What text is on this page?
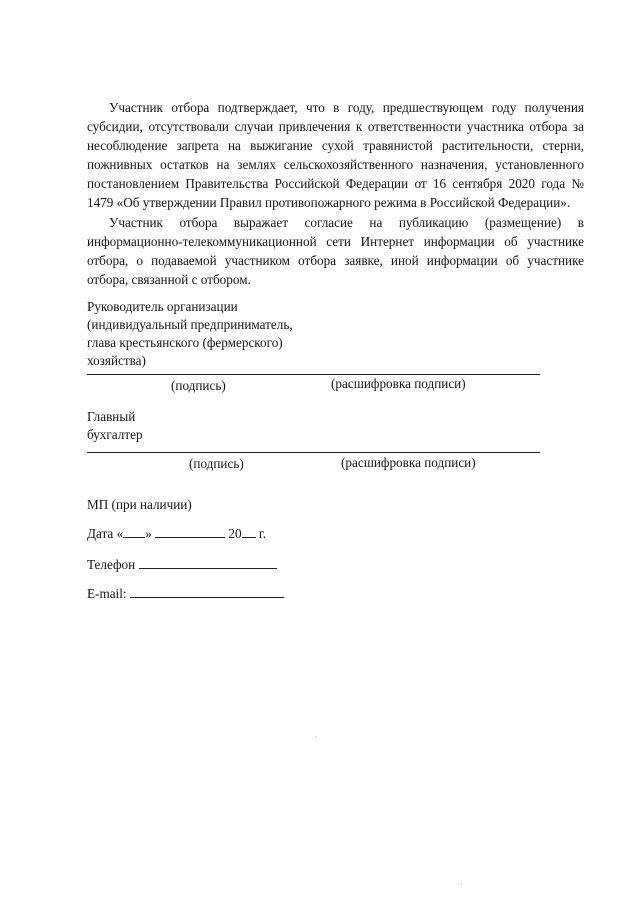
Участник отбора подтверждает, что в году, предшествующем году получения субсидии, отсутствовали случаи привлечения к ответственности участника отбора за несоблюдение запрета на выжигание сухой травянистой растительности, стерни, пожнивных остатков на землях сельскохозяйственного назначения, установленного постановлением Правительства Российской Федерации от 16 сентября 2020 года № 1479 «Об утверждении Правил противопожарного режима в Российской Федерации».

Участник отбора выражает согласие на публикацию (размещение) в информационно-телекоммуникационной сети Интернет информации об участнике отбора, о подаваемой участником отбора заявке, иной информации об участнике отбора, связанной с отбором.

Руководитель организации
(индивидуальный предприниматель,
глава крестьянского (фермерского)
хозяйства)
(подпись)	(расшифровка подписи)
Главный
бухгалтер
(подпись)	(расшифровка подписи)
МП (при наличии)
Дата « »	20 г.
Телефон
E-mail:
